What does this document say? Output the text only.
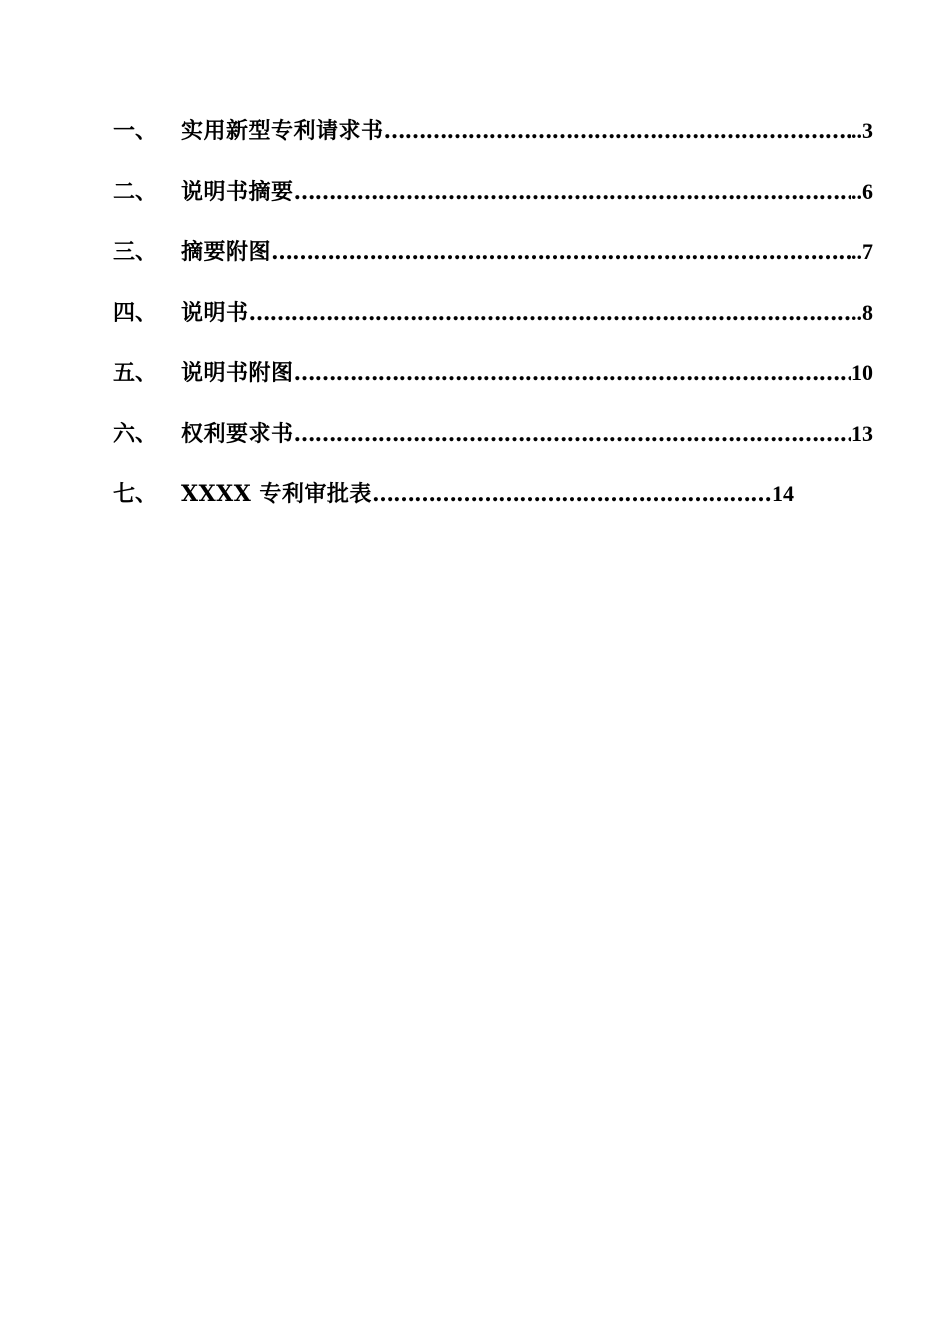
一、 实用新型专利请求书 …………………………………………………………………………………………………………………………………	..3
二、 说明书摘要 …………………………………………………………………………………………………………………………………	..6
三、 摘要附图 …………………………………………………………………………………………………………………………………	..7
四、 说明书 …………………………………………………………………………………………………………………………………	..8
五、 说明书附图 …………………………………………………………………………………………………………………………………	10
六、 权利要求书 …………………………………………………………………………………………………………………………………	13
七、 XXXX 专利审批表 …………………………………………………………………………………………………………………………………	14
